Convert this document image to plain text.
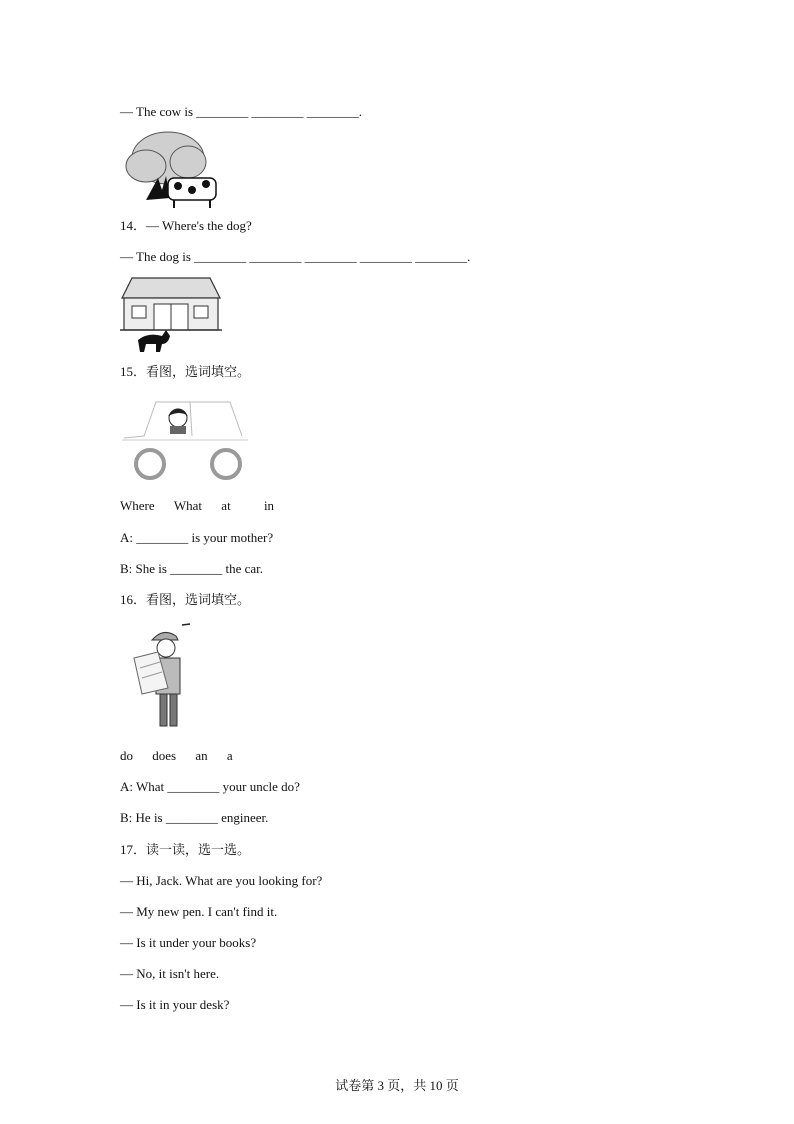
— The cow is ________ ________ ________.
14．— Where's the dog?
— The dog is ________ ________ ________ ________ ________.
15．看图，选词填空。
Where What at	in
A: ________ is your mother?
B: She is ________ the car.
16．看图，选词填空。
do does an a
A: What ________ your uncle do?
B: He is ________ engineer.
17．读一读，选一选。
— Hi, Jack. What are you looking for?
— My new pen. I can't find it.
— Is it under your books?
— No, it isn't here.
— Is it in your desk?
试卷第 3 页，共 10 页
